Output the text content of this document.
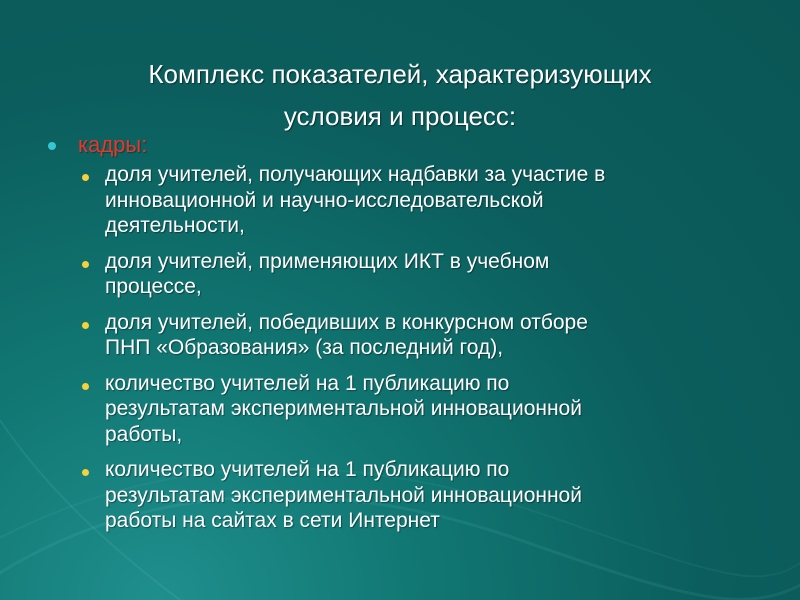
Комплекс показателей, характеризующих
условия и процесс:
кадры:
доля учителей, получающих надбавки за участие в
инновационной и научно-исследовательской
деятельности,
доля учителей, применяющих ИКТ в учебном
процессе,
доля учителей, победивших в конкурсном отборе
ПНП «Образования» (за последний год),
количество учителей на 1 публикацию по
результатам экспериментальной инновационной
работы,
количество учителей на 1 публикацию по
результатам экспериментальной инновационной
работы на сайтах в сети Интернет
